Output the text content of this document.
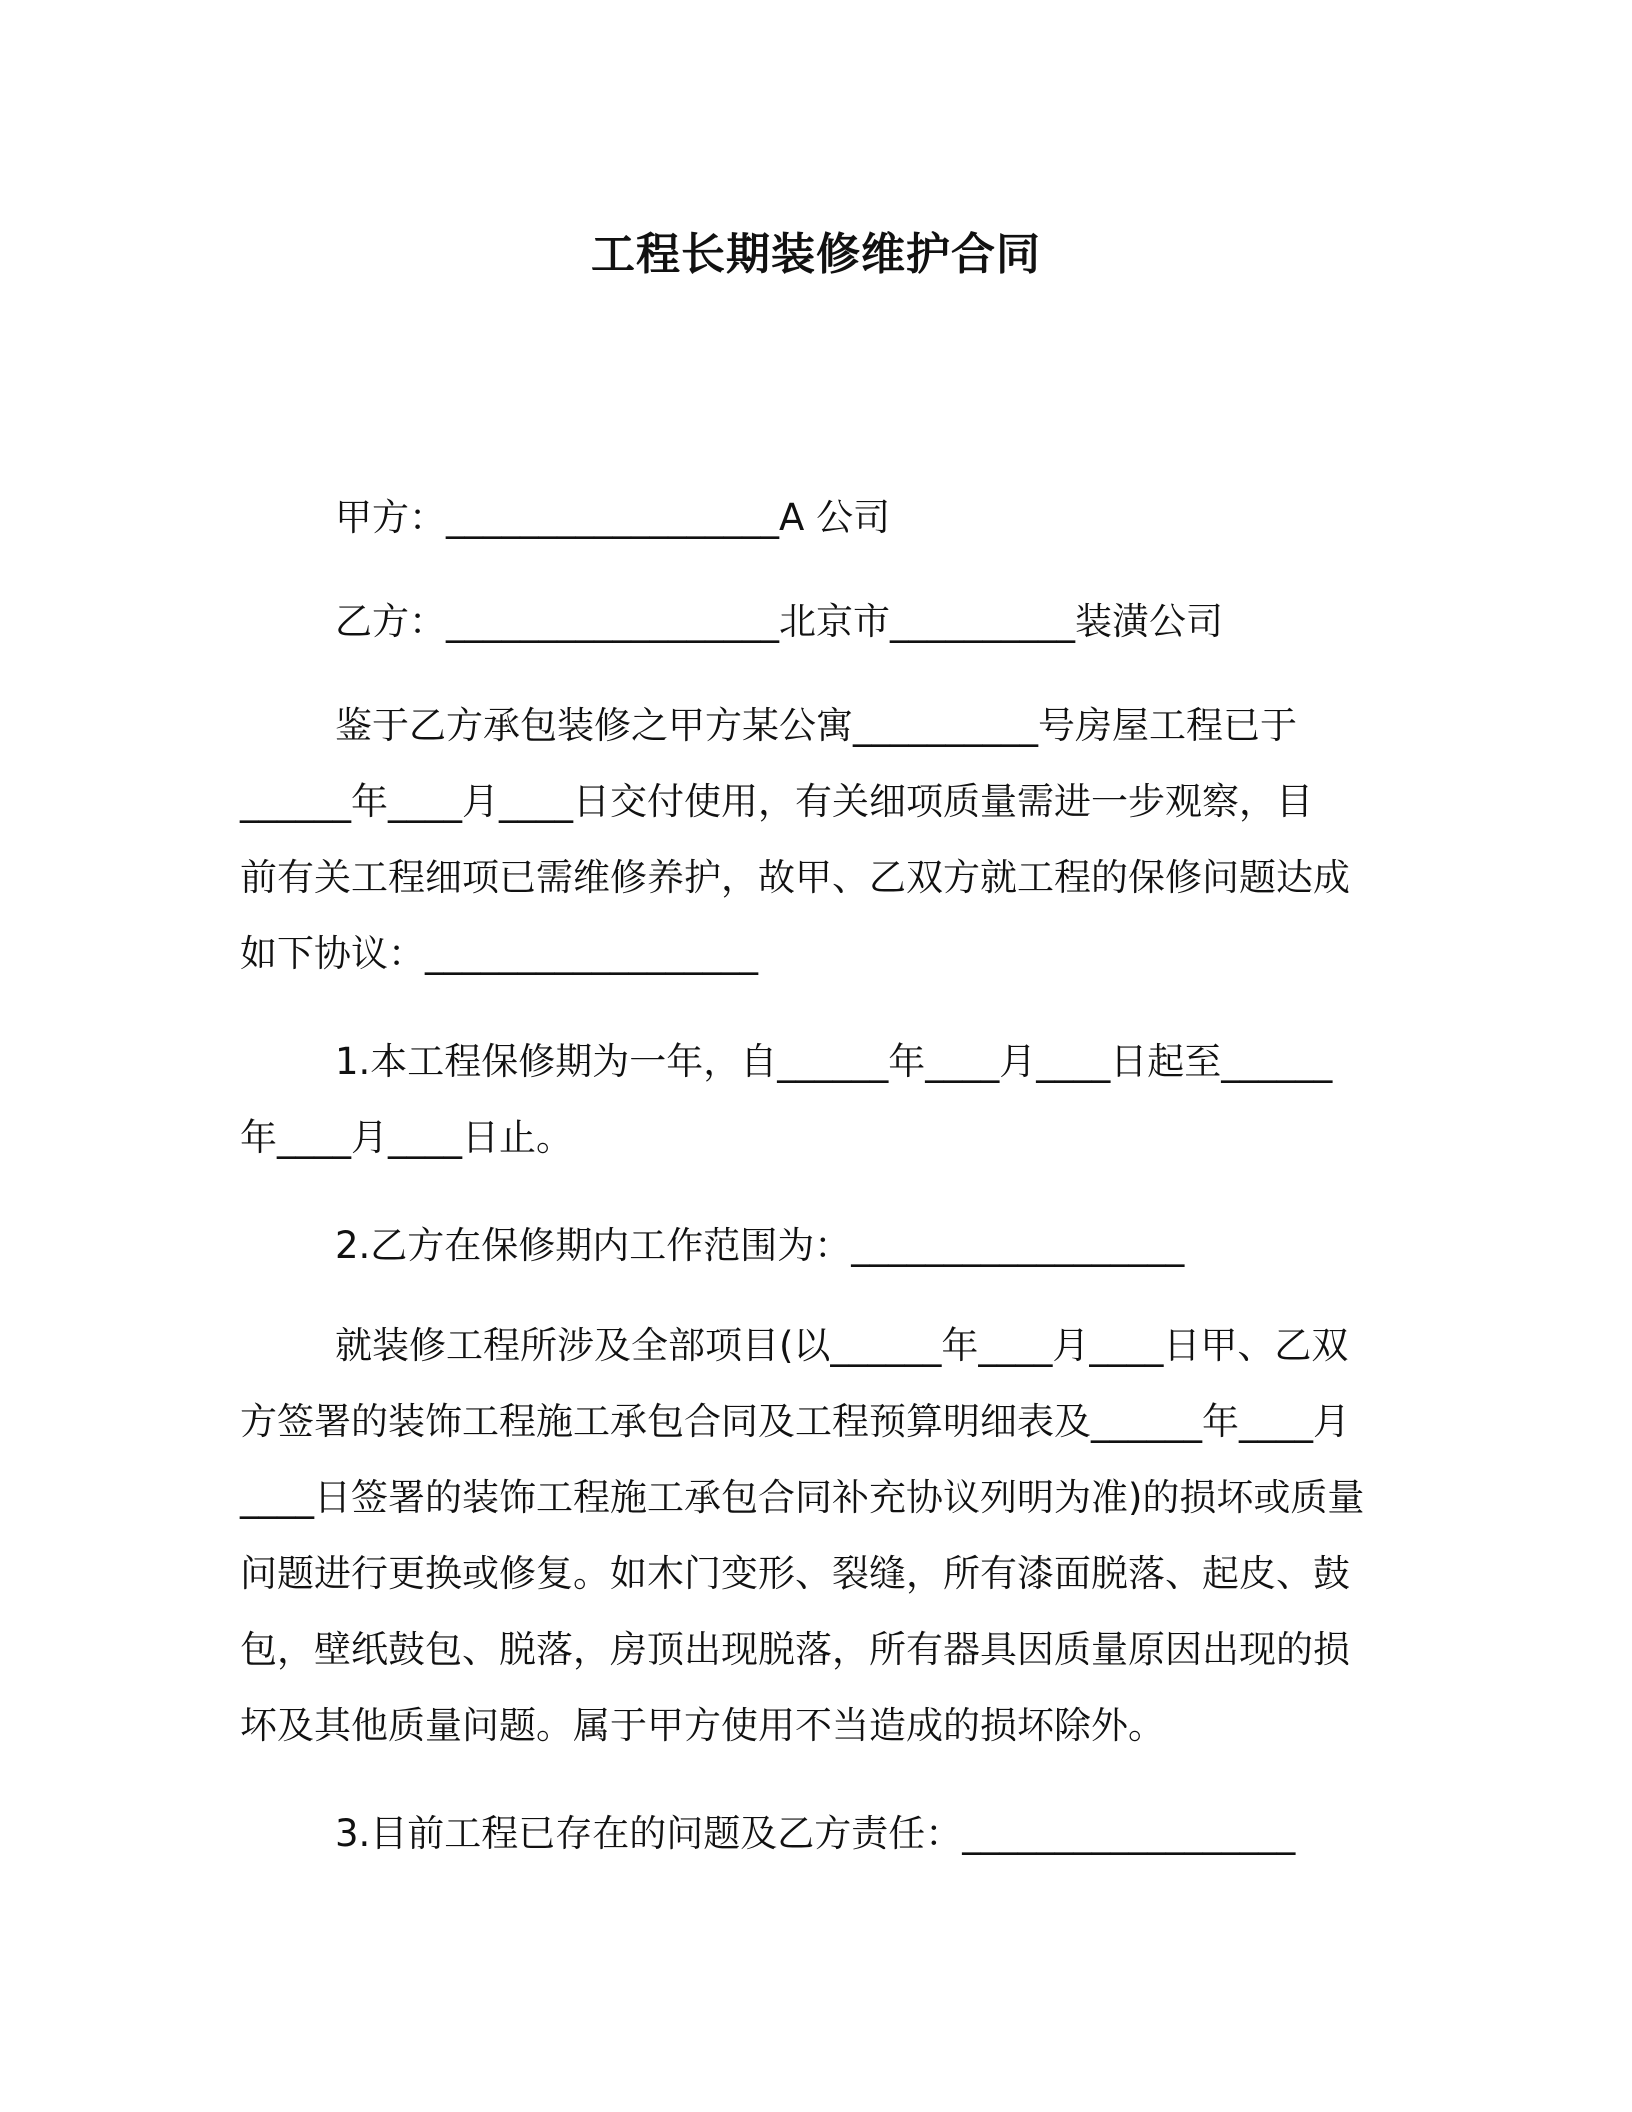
工程长期装修维护合同
甲方：__________________A 公司
乙方：__________________北京市__________装潢公司
鉴于乙方承包装修之甲方某公寓__________号房屋工程已于
______年____月____日交付使用，有关细项质量需进一步观察，目
前有关工程细项已需维修养护，故甲、乙双方就工程的保修问题达成
如下协议：__________________
1.本工程保修期为一年，自______年____月____日起至______
年____月____日止。
2.乙方在保修期内工作范围为：__________________
就装修工程所涉及全部项目(以______年____月____日甲、乙双
方签署的装饰工程施工承包合同及工程预算明细表及______年____月
____日签署的装饰工程施工承包合同补充协议列明为准)的损坏或质量
问题进行更换或修复。如木门变形、裂缝，所有漆面脱落、起皮、鼓
包，壁纸鼓包、脱落，房顶出现脱落，所有器具因质量原因出现的损
坏及其他质量问题。属于甲方使用不当造成的损坏除外。
3.目前工程已存在的问题及乙方责任：__________________
